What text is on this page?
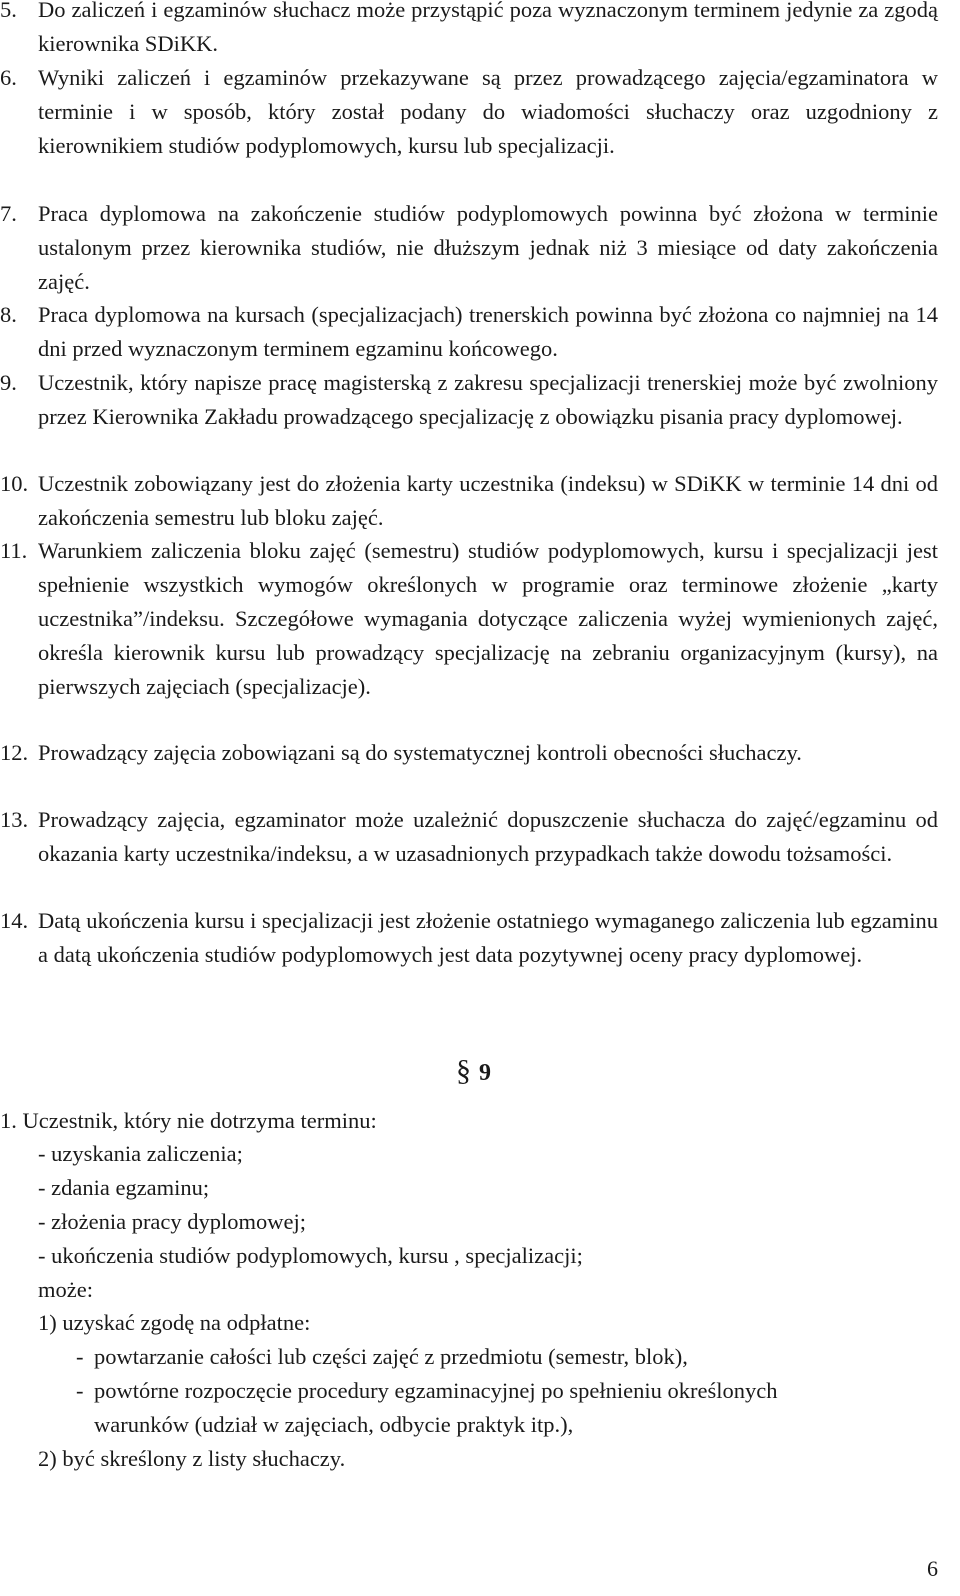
5. Do zaliczeń i egzaminów słuchacz może przystąpić poza wyznaczonym terminem jedynie za zgodą kierownika SDiKK.
6. Wyniki zaliczeń i egzaminów przekazywane są przez prowadzącego zajęcia/egzaminatora w terminie i w sposób, który został podany do wiadomości słuchaczy oraz uzgodniony z kierownikiem studiów podyplomowych, kursu lub specjalizacji.
7. Praca dyplomowa na zakończenie studiów podyplomowych powinna być złożona w terminie ustalonym przez kierownika studiów, nie dłuższym jednak niż 3 miesiące od daty zakończenia zajęć.
8. Praca dyplomowa na kursach (specjalizacjach) trenerskich powinna być złożona co najmniej na 14 dni przed wyznaczonym terminem egzaminu końcowego.
9. Uczestnik, który napisze pracę magisterską z zakresu specjalizacji trenerskiej może być zwolniony przez Kierownika Zakładu prowadzącego specjalizację z obowiązku pisania pracy dyplomowej.
10. Uczestnik zobowiązany jest do złożenia karty uczestnika (indeksu) w SDiKK w terminie 14 dni od zakończenia semestru lub bloku zajęć.
11. Warunkiem zaliczenia bloku zajęć (semestru) studiów podyplomowych, kursu i specjalizacji jest spełnienie wszystkich wymogów określonych w programie oraz terminowe złożenie „karty uczestnika”/indeksu. Szczegółowe wymagania dotyczące zaliczenia wyżej wymienionych zajęć, określa kierownik kursu lub prowadzący specjalizację na zebraniu organizacyjnym (kursy), na pierwszych zajęciach (specjalizacje).
12. Prowadzący zajęcia zobowiązani są do systematycznej kontroli obecności słuchaczy.
13. Prowadzący zajęcia, egzaminator może uzależnić dopuszczenie słuchacza do zajęć/egzaminu od okazania karty uczestnika/indeksu, a w uzasadnionych przypadkach także dowodu tożsamości.
14. Datą ukończenia kursu i specjalizacji jest złożenie ostatniego wymaganego zaliczenia lub egzaminu a datą ukończenia studiów podyplomowych jest data pozytywnej oceny pracy dyplomowej.
§ 9
1. Uczestnik, który nie dotrzyma terminu:
- uzyskania zaliczenia;
- zdania egzaminu;
- złożenia pracy dyplomowej;
- ukończenia studiów podyplomowych, kursu , specjalizacji;
może:
1) uzyskać zgodę na odpłatne:
- powtarzanie całości lub części zajęć z przedmiotu (semestr, blok),
- powtórne rozpoczęcie procedury egzaminacyjnej po spełnieniu określonych
warunków (udział w zajęciach, odbycie praktyk itp.),
2) być skreślony z listy słuchaczy.
6
